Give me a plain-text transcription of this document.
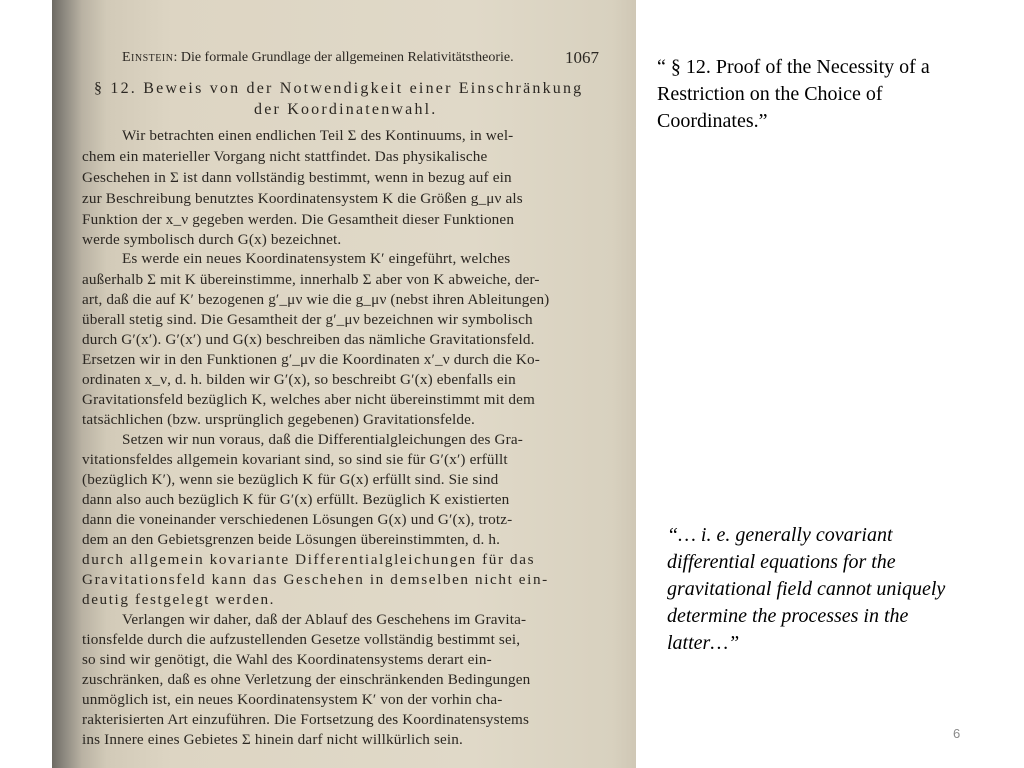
Einstein: Die formale Grundlage der allgemeinen Relativitätstheorie.	1067
§ 12. Beweis von der Notwendigkeit einer Einschränkung
der Koordinatenwahl.
Wir betrachten einen endlichen Teil Σ des Kontinuums, in wel-
chem ein materieller Vorgang nicht stattfindet. Das physikalische
Geschehen in Σ ist dann vollständig bestimmt, wenn in bezug auf ein
zur Beschreibung benutztes Koordinatensystem K die Größen g_μν als
Funktion der x_ν gegeben werden. Die Gesamtheit dieser Funktionen
werde symbolisch durch G(x) bezeichnet.
Es werde ein neues Koordinatensystem K′ eingeführt, welches
außerhalb Σ mit K übereinstimme, innerhalb Σ aber von K abweiche, der-
art, daß die auf K′ bezogenen g′_μν wie die g_μν (nebst ihren Ableitungen)
überall stetig sind. Die Gesamtheit der g′_μν bezeichnen wir symbolisch
durch G′(x′). G′(x′) und G(x) beschreiben das nämliche Gravitationsfeld.
Ersetzen wir in den Funktionen g′_μν die Koordinaten x′_ν durch die Ko-
ordinaten x_ν, d. h. bilden wir G′(x), so beschreibt G′(x) ebenfalls ein
Gravitationsfeld bezüglich K, welches aber nicht übereinstimmt mit dem
tatsächlichen (bzw. ursprünglich gegebenen) Gravitationsfelde.
Setzen wir nun voraus, daß die Differentialgleichungen des Gra-
vitationsfeldes allgemein kovariant sind, so sind sie für G′(x′) erfüllt
(bezüglich K′), wenn sie bezüglich K für G(x) erfüllt sind. Sie sind
dann also auch bezüglich K für G′(x) erfüllt. Bezüglich K existierten
dann die voneinander verschiedenen Lösungen G(x) und G′(x), trotz-
dem an den Gebietsgrenzen beide Lösungen übereinstimmten, d. h.
durch allgemein kovariante Differentialgleichungen für das
Gravitationsfeld kann das Geschehen in demselben nicht ein-
deutig festgelegt werden.
Verlangen wir daher, daß der Ablauf des Geschehens im Gravita-
tionsfelde durch die aufzustellenden Gesetze vollständig bestimmt sei,
so sind wir genötigt, die Wahl des Koordinatensystems derart ein-
zuschränken, daß es ohne Verletzung der einschränkenden Bedingungen
unmöglich ist, ein neues Koordinatensystem K′ von der vorhin cha-
rakterisierten Art einzuführen. Die Fortsetzung des Koordinatensystems
ins Innere eines Gebietes Σ hinein darf nicht willkürlich sein.
“ § 12. Proof of the Necessity of a Restriction on the Choice of Coordinates.”
“… i. e. generally covariant differential equations for the gravitational field cannot uniquely determine the processes in the latter…”
6
